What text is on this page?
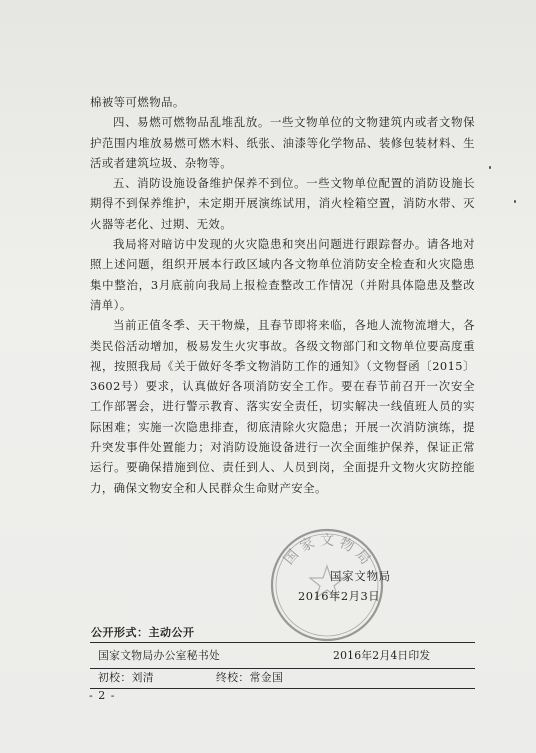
棉被等可燃物品。

四、易燃可燃物品乱堆乱放。一些文物单位的文物建筑内或者文物保护范围内堆放易燃可燃木料、纸张、油漆等化学物品、装修包装材料、生活或者建筑垃圾、杂物等。

五、消防设施设备维护保养不到位。一些文物单位配置的消防设施长期得不到保养维护，未定期开展演练试用，消火栓箱空置，消防水带、灭火器等老化、过期、无效。

我局将对暗访中发现的火灾隐患和突出问题进行跟踪督办。请各地对照上述问题，组织开展本行政区域内各文物单位消防安全检查和火灾隐患集中整治，3月底前向我局上报检查整改工作情况（并附具体隐患及整改清单）。

当前正值冬季、天干物燥，且春节即将来临，各地人流物流增大，各类民俗活动增加，极易发生火灾事故。各级文物部门和文物单位要高度重视，按照我局《关于做好冬季文物消防工作的通知》（文物督函〔2015〕3602号）要求，认真做好各项消防安全工作。要在春节前召开一次安全工作部署会，进行警示教育、落实安全责任，切实解决一线值班人员的实际困难；实施一次隐患排查，彻底清除火灾隐患；开展一次消防演练，提升突发事件处置能力；对消防设施设备进行一次全面维护保养，保证正常运行。要确保措施到位、责任到人、人员到岗，全面提升文物火灾防控能力，确保文物安全和人民群众生命财产安全。

国 家 文 物 局
国家文物局
2016年2月3日
公开形式：主动公开
国家文物局办公室秘书处	2016年2月4日印发
初校：刘清	终校：常金国
- 2 -
